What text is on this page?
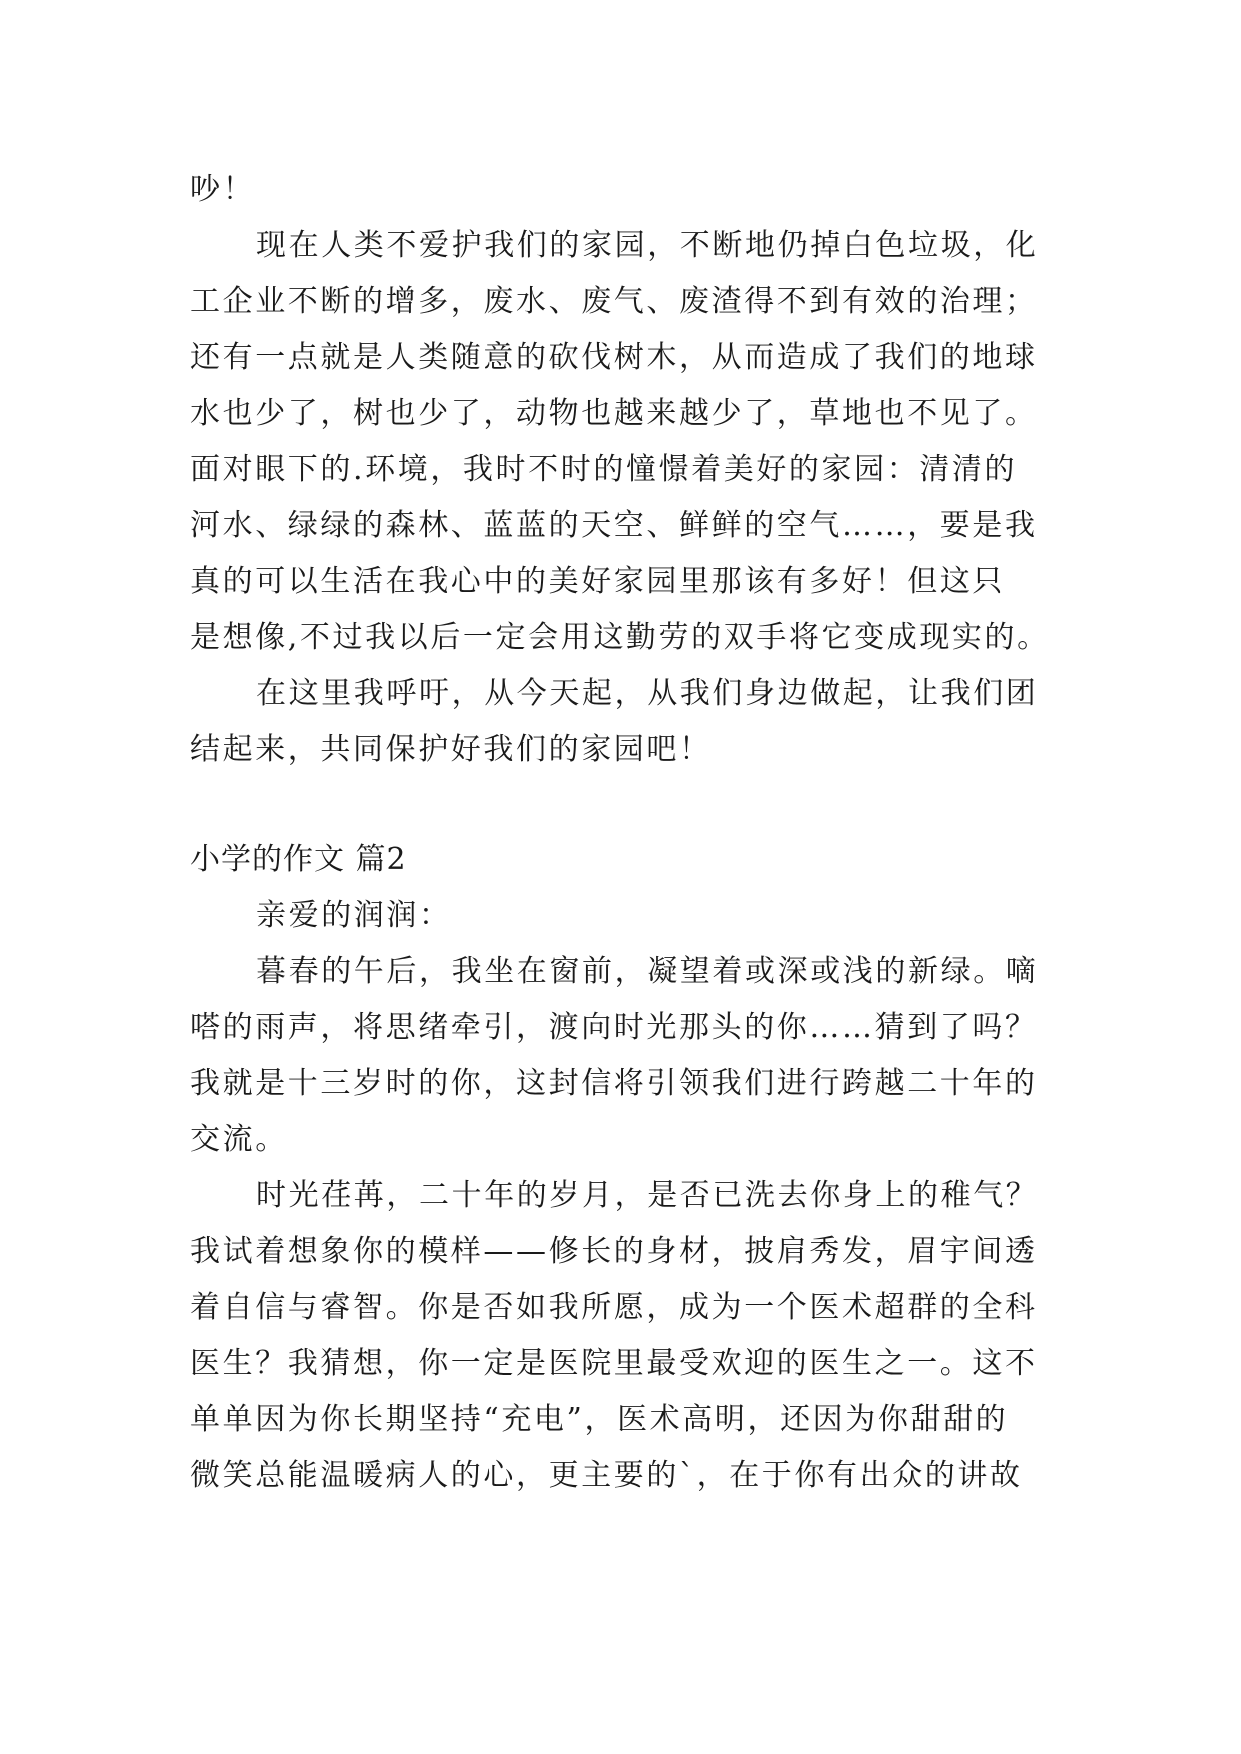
吵！
现在人类不爱护我们的家园，不断地仍掉白色垃圾，化
工企业不断的增多，废水、废气、废渣得不到有效的治理；
还有一点就是人类随意的砍伐树木，从而造成了我们的地球
水也少了，树也少了，动物也越来越少了，草地也不见了。
面对眼下的.环境，我时不时的憧憬着美好的家园：清清的
河水、绿绿的森林、蓝蓝的天空、鲜鲜的空气……，要是我
真的可以生活在我心中的美好家园里那该有多好！但这只
是想像,不过我以后一定会用这勤劳的双手将它变成现实的。
在这里我呼吁，从今天起，从我们身边做起，让我们团
结起来，共同保护好我们的家园吧！
小学的作文 篇2
亲爱的润润：
暮春的午后，我坐在窗前，凝望着或深或浅的新绿。嘀
嗒的雨声，将思绪牵引，渡向时光那头的你……猜到了吗？
我就是十三岁时的你，这封信将引领我们进行跨越二十年的
交流。
时光荏苒，二十年的岁月，是否已洗去你身上的稚气？
我试着想象你的模样——修长的身材，披肩秀发，眉宇间透
着自信与睿智。你是否如我所愿，成为一个医术超群的全科
医生？我猜想，你一定是医院里最受欢迎的医生之一。这不
单单因为你长期坚持“充电”，医术高明，还因为你甜甜的
微笑总能温暖病人的心，更主要的`，在于你有出众的讲故
